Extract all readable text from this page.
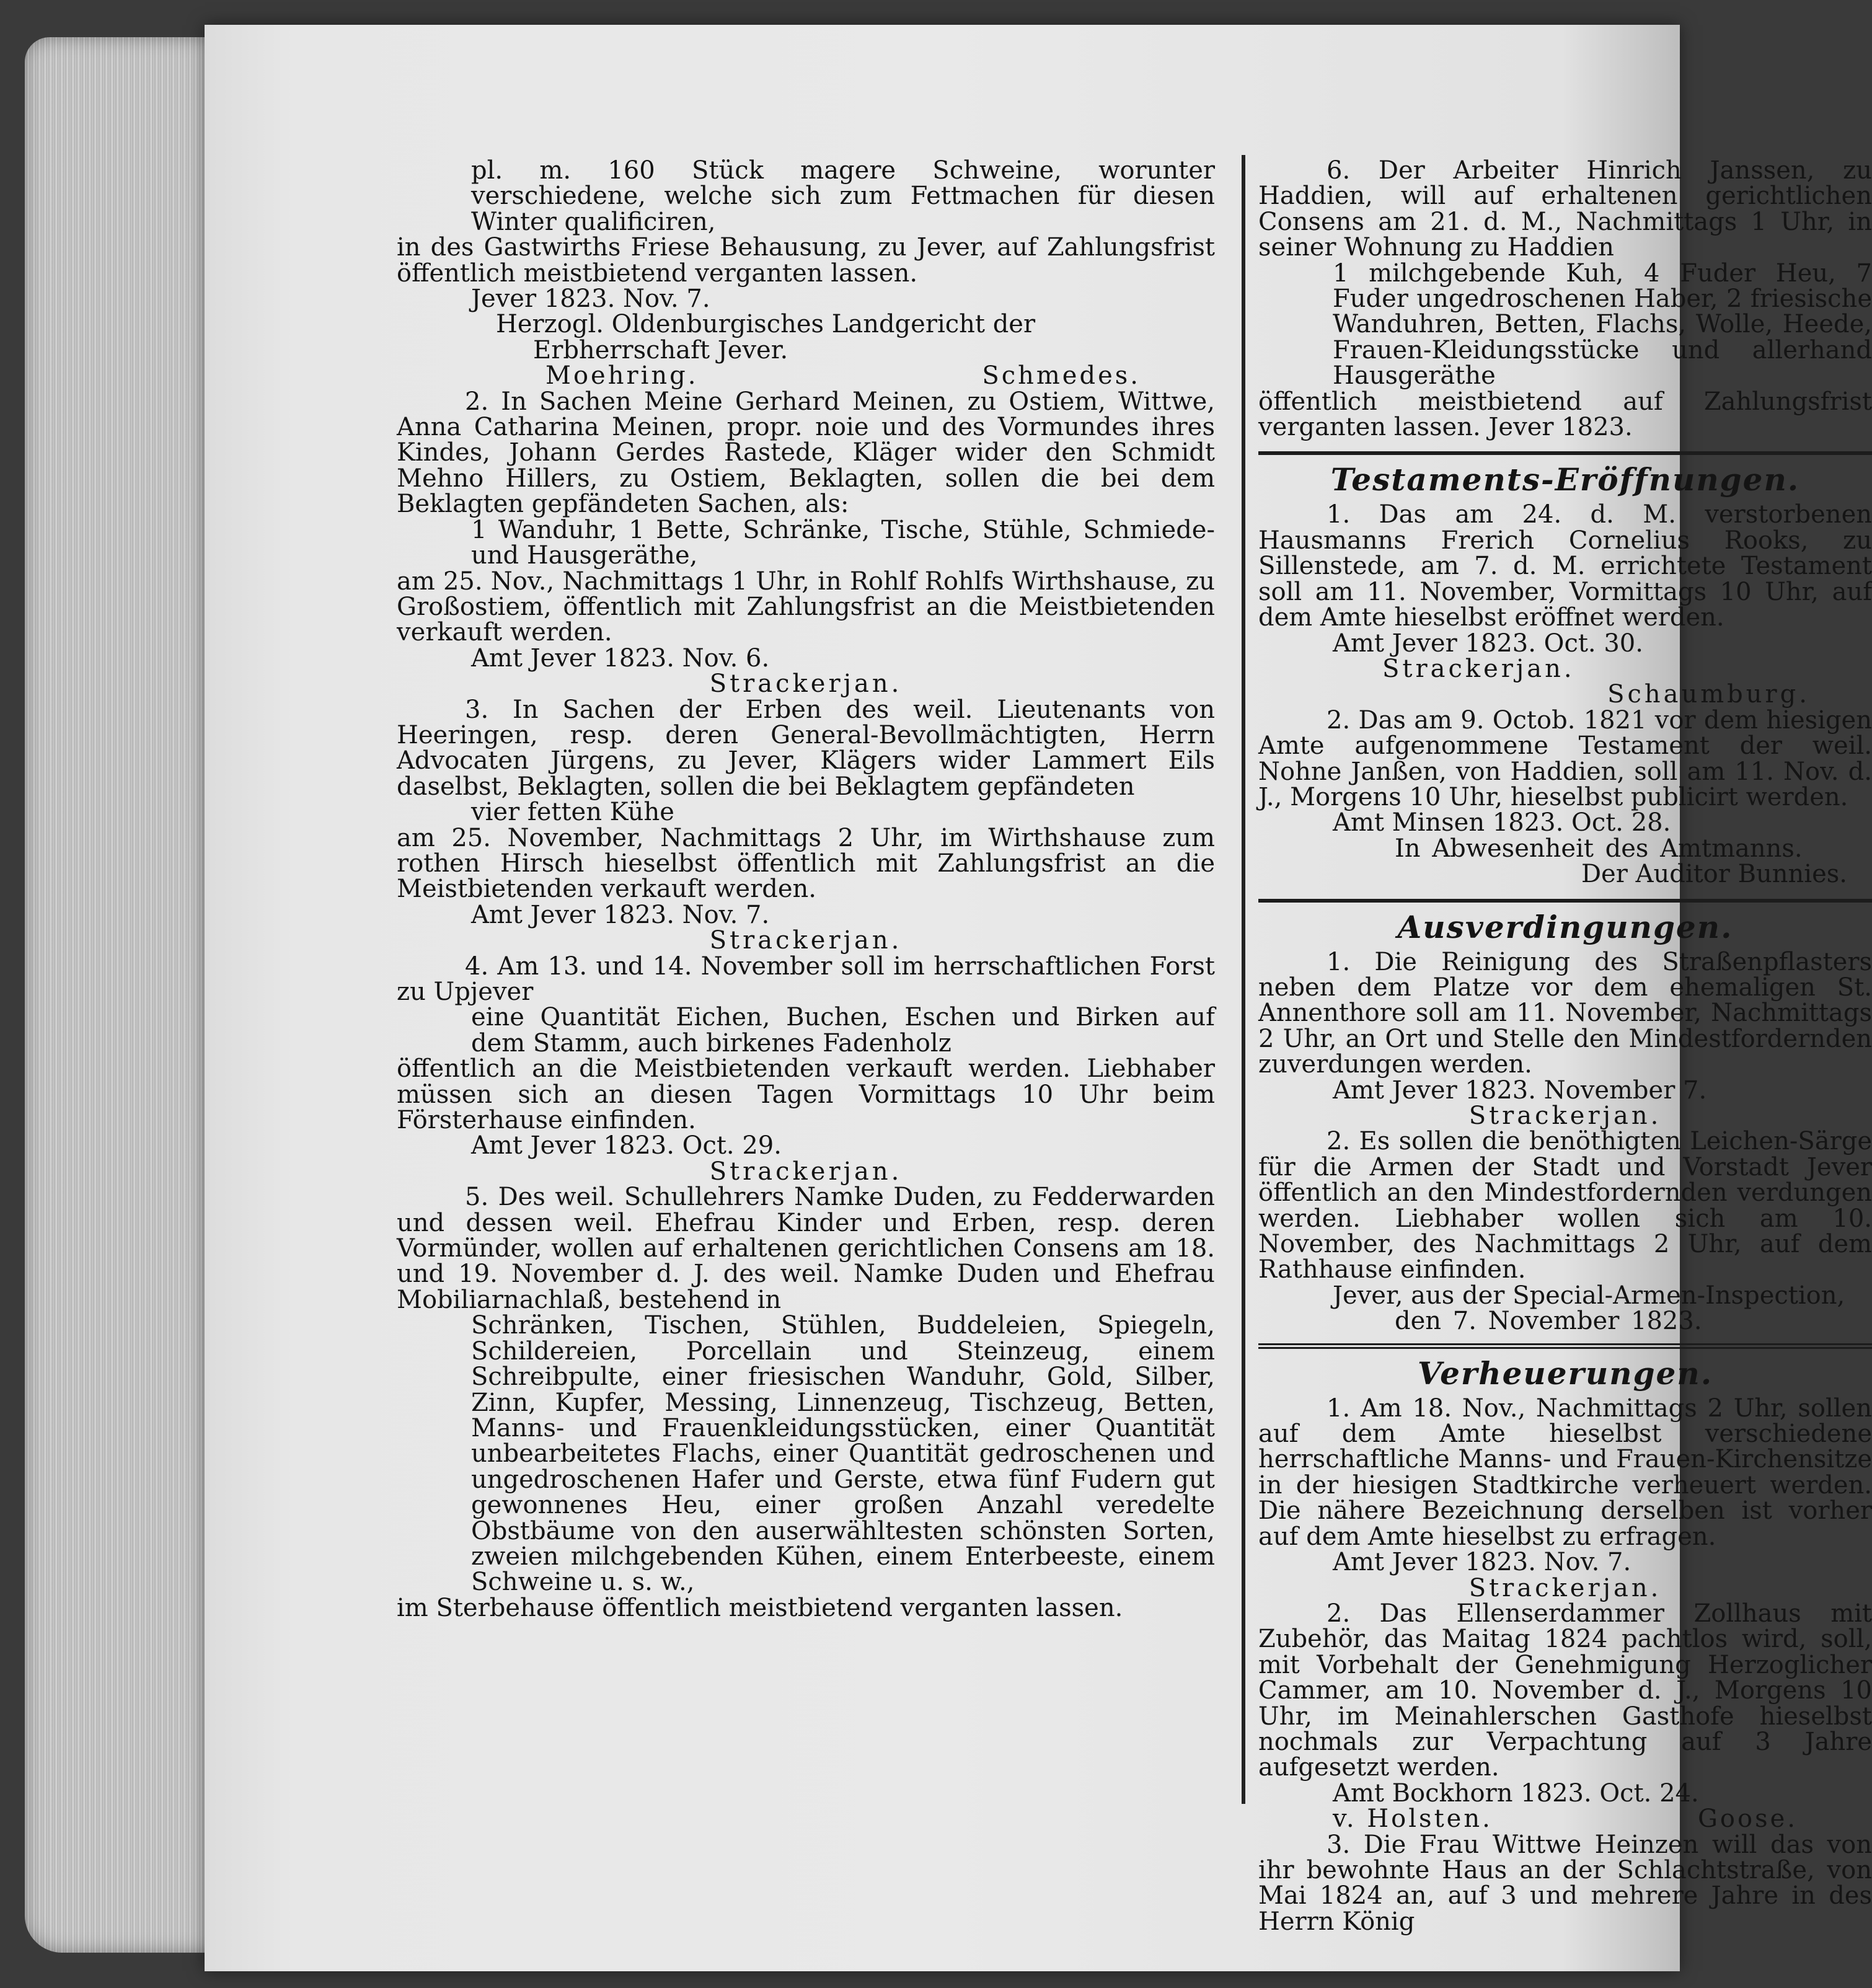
pl. m. 160 Stück magere Schweine, worunter verschiedene, welche sich zum Fettmachen für diesen Winter qualificiren,

in des Gastwirths Friese Behausung, zu Jever, auf Zahlungsfrist öffentlich meistbietend verganten lassen.

Jever 1823. Nov. 7.

Herzogl. Oldenburgisches Landgericht der Erbherrschaft Jever.

Moehring.	Schmedes.

2. In Sachen Meine Gerhard Meinen, zu Ostiem, Wittwe, Anna Catharina Meinen, propr. noie und des Vormundes ihres Kindes, Johann Gerdes Rastede, Kläger wider den Schmidt Mehno Hillers, zu Ostiem, Beklagten, sollen die bei dem Beklagten gepfändeten Sachen, als:

1 Wanduhr, 1 Bette, Schränke, Tische, Stühle, Schmiede- und Hausgeräthe,

am 25. Nov., Nachmittags 1 Uhr, in Rohlf Rohlfs Wirthshause, zu Großostiem, öffentlich mit Zahlungsfrist an die Meistbietenden verkauft werden.

Amt Jever 1823. Nov. 6.

Strackerjan.

3. In Sachen der Erben des weil. Lieutenants von Heeringen, resp. deren General-Bevollmächtigten, Herrn Advocaten Jürgens, zu Jever, Klägers wider Lammert Eils daselbst, Beklagten, sollen die bei Beklagtem gepfändeten

vier fetten Kühe

am 25. November, Nachmittags 2 Uhr, im Wirthshause zum rothen Hirsch hieselbst öffentlich mit Zahlungsfrist an die Meistbietenden verkauft werden.

Amt Jever 1823. Nov. 7.

Strackerjan.

4. Am 13. und 14. November soll im herrschaftlichen Forst zu Upjever

eine Quantität Eichen, Buchen, Eschen und Birken auf dem Stamm, auch birkenes Fadenholz

öffentlich an die Meistbietenden verkauft werden. Liebhaber müssen sich an diesen Tagen Vormittags 10 Uhr beim Försterhause einfinden.

Amt Jever 1823. Oct. 29.

Strackerjan.

5. Des weil. Schullehrers Namke Duden, zu Fedderwarden und dessen weil. Ehefrau Kinder und Erben, resp. deren Vormünder, wollen auf erhaltenen gerichtlichen Consens am 18. und 19. November d. J. des weil. Namke Duden und Ehefrau Mobiliarnachlaß, bestehend in

Schränken, Tischen, Stühlen, Buddeleien, Spiegeln, Schildereien, Porcellain und Steinzeug, einem Schreibpulte, einer friesischen Wanduhr, Gold, Silber, Zinn, Kupfer, Messing, Linnenzeug, Tischzeug, Betten, Manns- und Frauenkleidungsstücken, einer Quantität unbearbeitetes Flachs, einer Quantität gedroschenen und ungedroschenen Hafer und Gerste, etwa fünf Fudern gut gewonnenes Heu, einer großen Anzahl veredelte Obstbäume von den auserwähltesten schönsten Sorten, zweien milchgebenden Kühen, einem Enterbeeste, einem Schweine u. s. w.,

im Sterbehause öffentlich meistbietend verganten lassen.

6. Der Arbeiter Hinrich Janssen, zu Haddien, will auf erhaltenen gerichtlichen Consens am 21. d. M., Nachmittags 1 Uhr, in seiner Wohnung zu Haddien

1 milchgebende Kuh, 4 Fuder Heu, 7 Fuder ungedroschenen Haber, 2 friesische Wanduhren, Betten, Flachs, Wolle, Heede, Frauen-Kleidungsstücke und allerhand Hausgeräthe

öffentlich meistbietend auf Zahlungsfrist verganten lassen. Jever 1823.

Testaments-Eröffnungen.

1. Das am 24. d. M. verstorbenen Hausmanns Frerich Cornelius Rooks, zu Sillenstede, am 7. d. M. errichtete Testament soll am 11. November, Vormittags 10 Uhr, auf dem Amte hieselbst eröffnet werden.

Amt Jever 1823. Oct. 30.

Strackerjan.

Schaumburg.

2. Das am 9. Octob. 1821 vor dem hiesigen Amte aufgenommene Testament der weil. Nohne Janßen, von Haddien, soll am 11. Nov. d. J., Morgens 10 Uhr, hieselbst publicirt werden.

Amt Minsen 1823. Oct. 28.

In Abwesenheit des Amtmanns.

Der Auditor Bunnies.

Ausverdingungen.

1. Die Reinigung des Straßenpflasters neben dem Platze vor dem ehemaligen St. Annenthore soll am 11. November, Nachmittags 2 Uhr, an Ort und Stelle den Mindestfordernden zuverdungen werden.

Amt Jever 1823. November 7.

Strackerjan.

2. Es sollen die benöthigten Leichen-Särge für die Armen der Stadt und Vorstadt Jever öffentlich an den Mindestfordernden verdungen werden. Liebhaber wollen sich am 10. November, des Nachmittags 2 Uhr, auf dem Rathhause einfinden.

Jever, aus der Special-Armen-Inspection,

den 7. November 1823.

Verheuerungen.

1. Am 18. Nov., Nachmittags 2 Uhr, sollen auf dem Amte hieselbst verschiedene herrschaftliche Manns- und Frauen-Kirchensitze in der hiesigen Stadtkirche verheuert werden. Die nähere Bezeichnung derselben ist vorher auf dem Amte hieselbst zu erfragen.

Amt Jever 1823. Nov. 7.

Strackerjan.

2. Das Ellenserdammer Zollhaus mit Zubehör, das Maitag 1824 pachtlos wird, soll, mit Vorbehalt der Genehmigung Herzoglicher Cammer, am 10. November d. J., Morgens 10 Uhr, im Meinahlerschen Gasthofe hieselbst nochmals zur Verpachtung auf 3 Jahre aufgesetzt werden.

Amt Bockhorn 1823. Oct. 24.

v. Holsten.	Goose.

3. Die Frau Wittwe Heinzen will das von ihr bewohnte Haus an der Schlachtstraße, von Mai 1824 an, auf 3 und mehrere Jahre in des Herrn König
